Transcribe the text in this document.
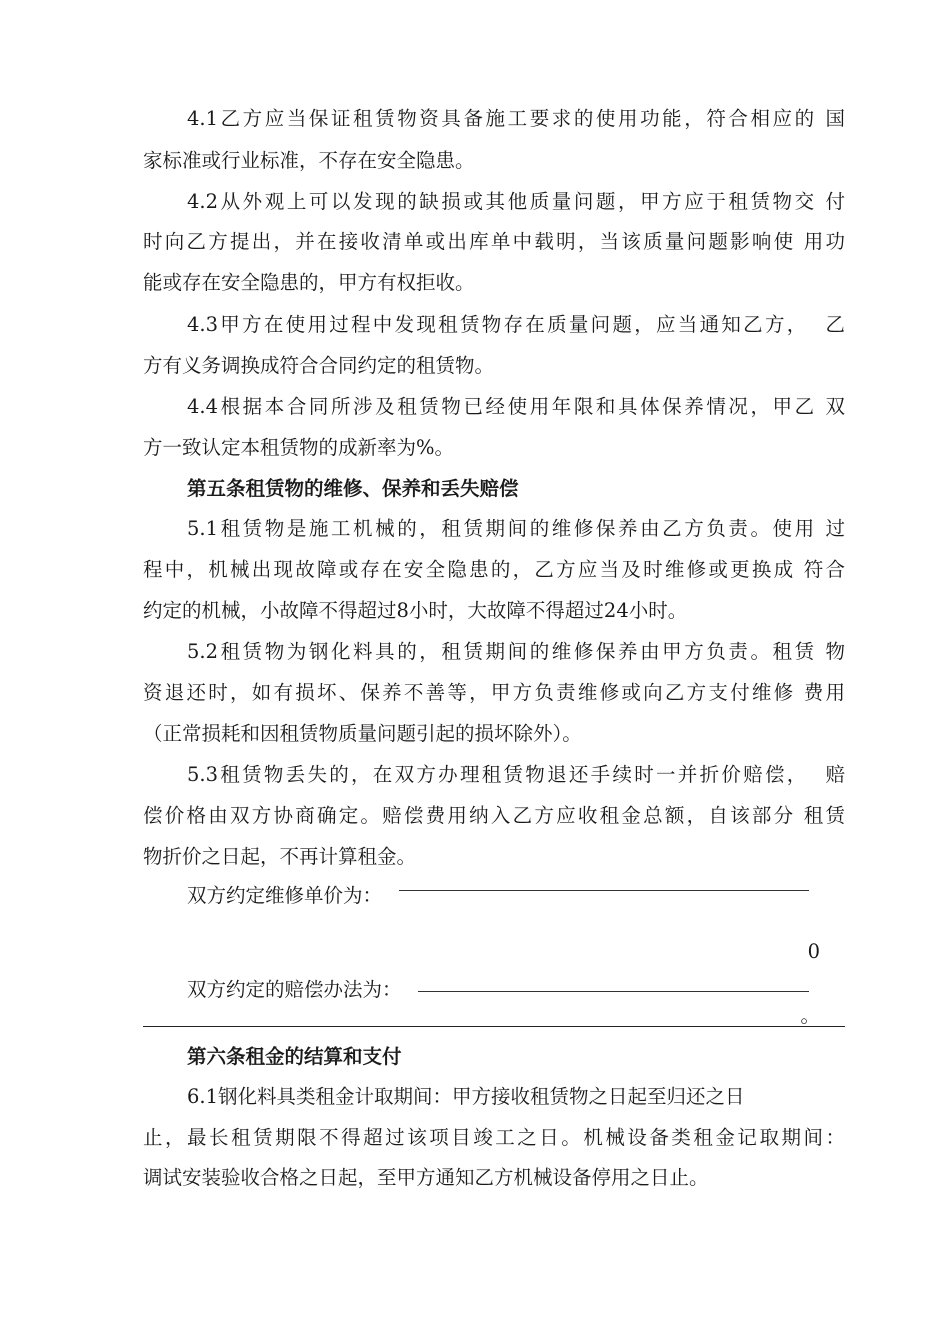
4.1乙方应当保证租赁物资具备施工要求的使用功能，符合相应的 国
家标准或行业标准，不存在安全隐患。
4.2从外观上可以发现的缺损或其他质量问题，甲方应于租赁物交 付
时向乙方提出，并在接收清单或出库单中载明，当该质量问题影响使 用功
能或存在安全隐患的，甲方有权拒收。
4.3甲方在使用过程中发现租赁物存在质量问题，应当通知乙方，  乙
方有义务调换成符合合同约定的租赁物。
4.4根据本合同所涉及租赁物已经使用年限和具体保养情况，甲乙 双
方一致认定本租赁物的成新率为%。
第五条租赁物的维修、保养和丢失赔偿
5.1租赁物是施工机械的，租赁期间的维修保养由乙方负责。使用 过
程中，机械出现故障或存在安全隐患的，乙方应当及时维修或更换成 符合
约定的机械，小故障不得超过8小时，大故障不得超过24小时。
5.2租赁物为钢化料具的，租赁期间的维修保养由甲方负责。租赁 物
资退还时，如有损坏、保养不善等，甲方负责维修或向乙方支付维修 费用
（正常损耗和因租赁物质量问题引起的损坏除外）。
5.3租赁物丢失的，在双方办理租赁物退还手续时一并折价赔偿，  赔
偿价格由双方协商确定。赔偿费用纳入乙方应收租金总额，自该部分 租赁
物折价之日起，不再计算租金。
双方约定维修单价为：
0
双方约定的赔偿办法为：
。
第六条租金的结算和支付
6.1钢化料具类租金计取期间：甲方接收租赁物之日起至归还之日
止，最长租赁期限不得超过该项目竣工之日。机械设备类租金记取期间：
调试安装验收合格之日起，至甲方通知乙方机械设备停用之日止。
